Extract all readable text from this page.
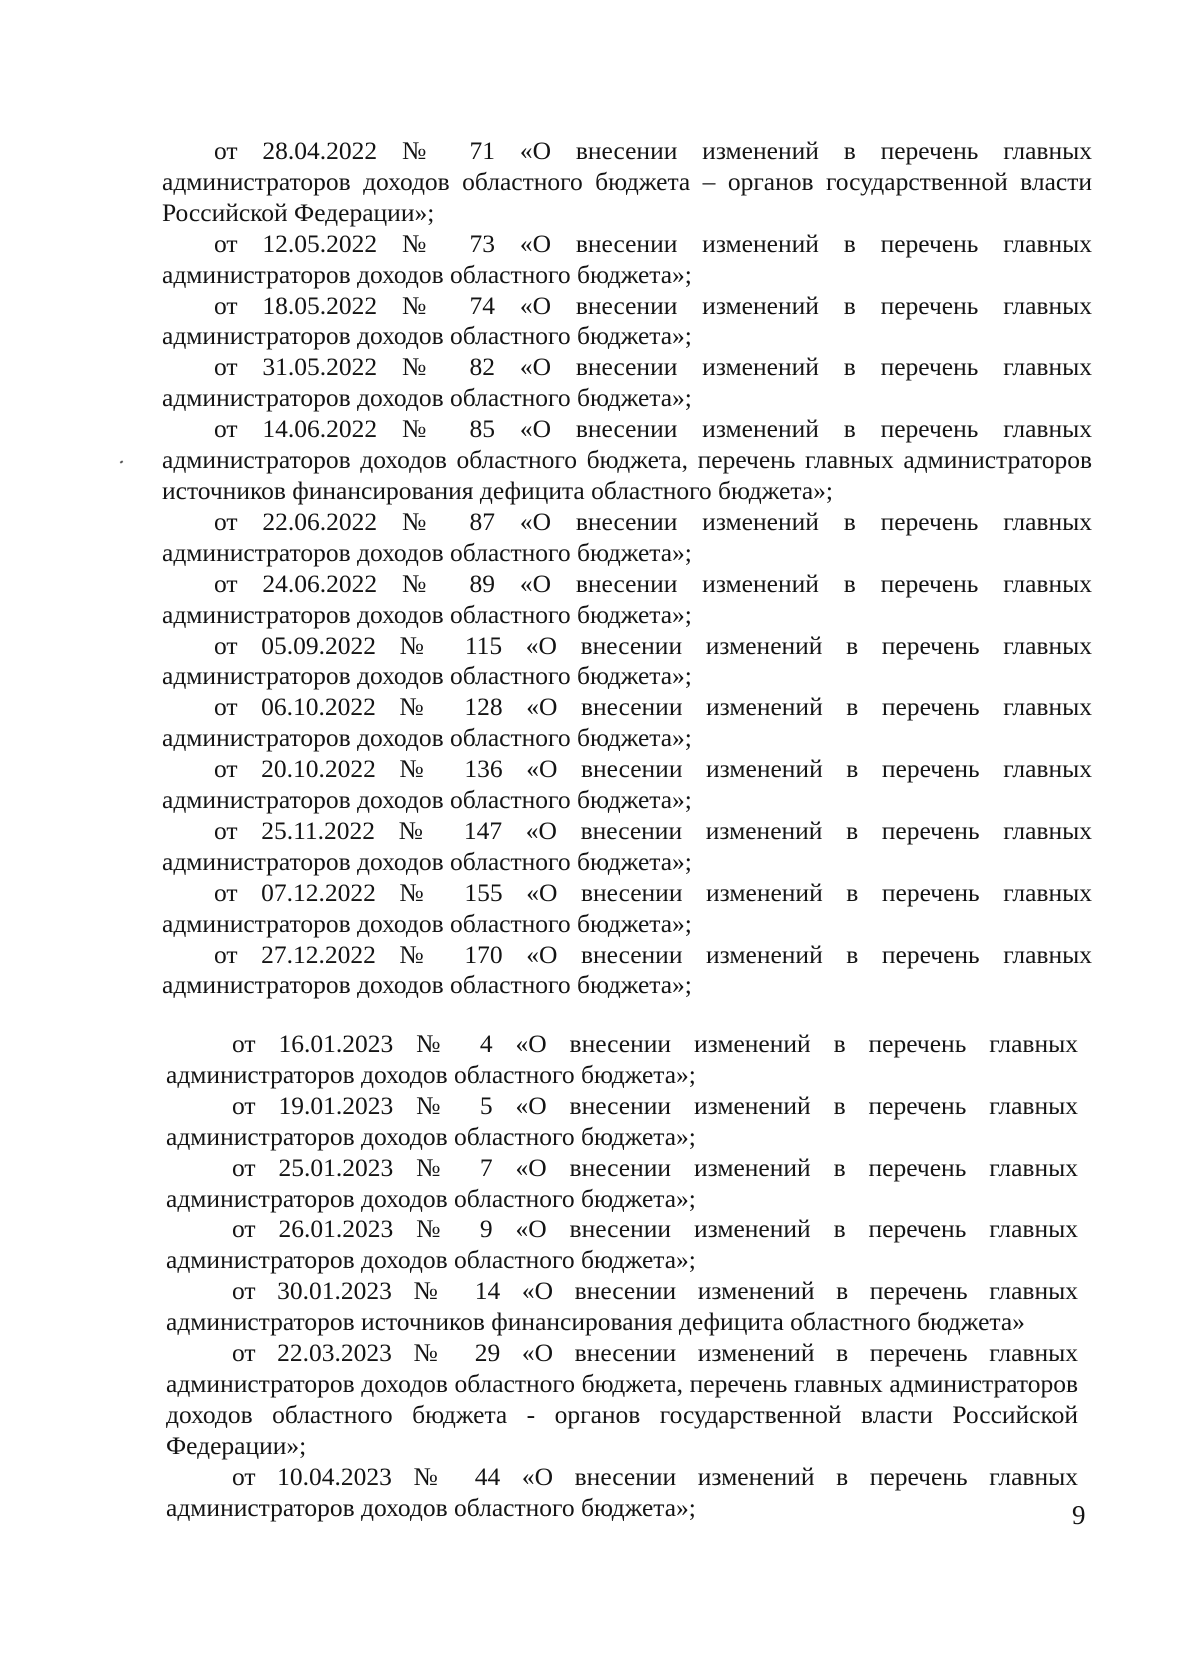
от 28.04.2022 № 71 «О внесении изменений в перечень главных администраторов доходов областного бюджета – органов государственной власти Российской Федерации»;

от 12.05.2022 № 73 «О внесении изменений в перечень главных администраторов доходов областного бюджета»;

от 18.05.2022 № 74 «О внесении изменений в перечень главных администраторов доходов областного бюджета»;

от 31.05.2022 № 82 «О внесении изменений в перечень главных администраторов доходов областного бюджета»;

от 14.06.2022 № 85 «О внесении изменений в перечень главных администраторов доходов областного бюджета, перечень главных администраторов источников финансирования дефицита областного бюджета»;

от 22.06.2022 № 87 «О внесении изменений в перечень главных администраторов доходов областного бюджета»;

от 24.06.2022 № 89 «О внесении изменений в перечень главных администраторов доходов областного бюджета»;

от 05.09.2022 № 115 «О внесении изменений в перечень главных администраторов доходов областного бюджета»;

от 06.10.2022 № 128 «О внесении изменений в перечень главных администраторов доходов областного бюджета»;

от 20.10.2022 № 136 «О внесении изменений в перечень главных администраторов доходов областного бюджета»;

от 25.11.2022 № 147 «О внесении изменений в перечень главных администраторов доходов областного бюджета»;

от 07.12.2022 № 155 «О внесении изменений в перечень главных администраторов доходов областного бюджета»;

от 27.12.2022 № 170 «О внесении изменений в перечень главных администраторов доходов областного бюджета»;

от 16.01.2023 № 4 «О внесении изменений в перечень главных администраторов доходов областного бюджета»;

от 19.01.2023 № 5 «О внесении изменений в перечень главных администраторов доходов областного бюджета»;

от 25.01.2023 № 7 «О внесении изменений в перечень главных администраторов доходов областного бюджета»;

от 26.01.2023 № 9 «О внесении изменений в перечень главных администраторов доходов областного бюджета»;

от 30.01.2023 № 14 «О внесении изменений в перечень главных администраторов источников финансирования дефицита областного бюджета»

от 22.03.2023 № 29 «О внесении изменений в перечень главных администраторов доходов областного бюджета, перечень главных администраторов доходов областного бюджета - органов государственной власти Российской Федерации»;

от 10.04.2023 № 44 «О внесении изменений в перечень главных администраторов доходов областного бюджета»;	9
